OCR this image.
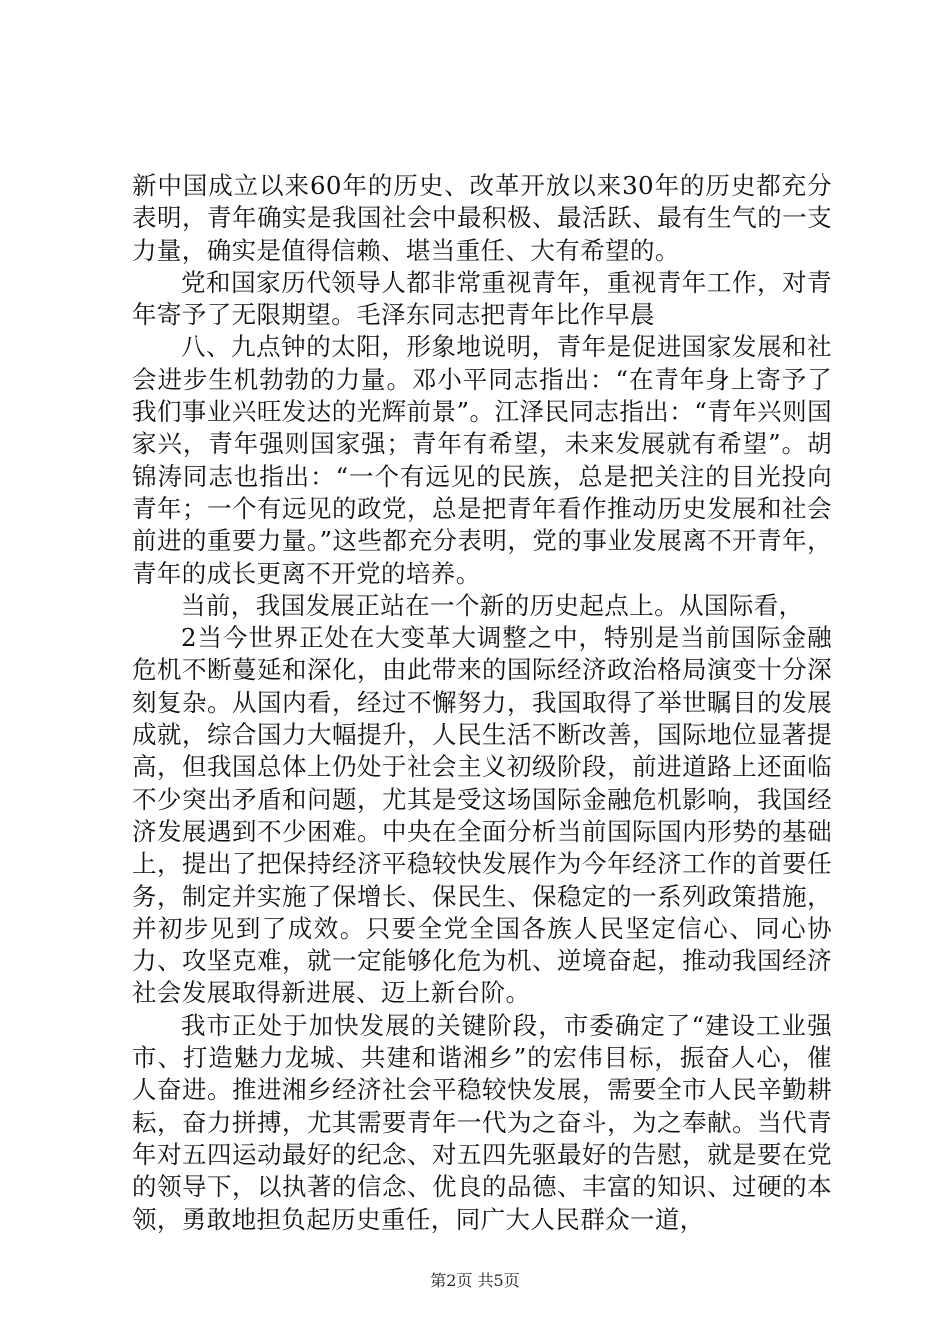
新中国成立以来60年的历史、改革开放以来30年的历史都充分表明，青年确实是我国社会中最积极、最活跃、最有生气的一支力量，确实是值得信赖、堪当重任、大有希望的。

党和国家历代领导人都非常重视青年，重视青年工作，对青年寄予了无限期望。毛泽东同志把青年比作早晨

八、九点钟的太阳，形象地说明，青年是促进国家发展和社会进步生机勃勃的力量。邓小平同志指出：“在青年身上寄予了我们事业兴旺发达的光辉前景”。江泽民同志指出：“青年兴则国家兴，青年强则国家强；青年有希望，未来发展就有希望”。胡锦涛同志也指出：“一个有远见的民族，总是把关注的目光投向青年；一个有远见的政党，总是把青年看作推动历史发展和社会前进的重要力量。”这些都充分表明，党的事业发展离不开青年，青年的成长更离不开党的培养。

当前，我国发展正站在一个新的历史起点上。从国际看，

2当今世界正处在大变革大调整之中，特别是当前国际金融危机不断蔓延和深化，由此带来的国际经济政治格局演变十分深刻复杂。从国内看，经过不懈努力，我国取得了举世瞩目的发展成就，综合国力大幅提升，人民生活不断改善，国际地位显著提高，但我国总体上仍处于社会主义初级阶段，前进道路上还面临不少突出矛盾和问题，尤其是受这场国际金融危机影响，我国经济发展遇到不少困难。中央在全面分析当前国际国内形势的基础上，提出了把保持经济平稳较快发展作为今年经济工作的首要任务，制定并实施了保增长、保民生、保稳定的一系列政策措施，并初步见到了成效。只要全党全国各族人民坚定信心、同心协力、攻坚克难，就一定能够化危为机、逆境奋起，推动我国经济社会发展取得新进展、迈上新台阶。

我市正处于加快发展的关键阶段，市委确定了“建设工业强市、打造魅力龙城、共建和谐湘乡”的宏伟目标，振奋人心，催人奋进。推进湘乡经济社会平稳较快发展，需要全市人民辛勤耕耘，奋力拼搏，尤其需要青年一代为之奋斗，为之奉献。当代青年对五四运动最好的纪念、对五四先驱最好的告慰，就是要在党的领导下，以执著的信念、优良的品德、丰富的知识、过硬的本领，勇敢地担负起历史重任，同广大人民群众一道，

第2页 共5页
